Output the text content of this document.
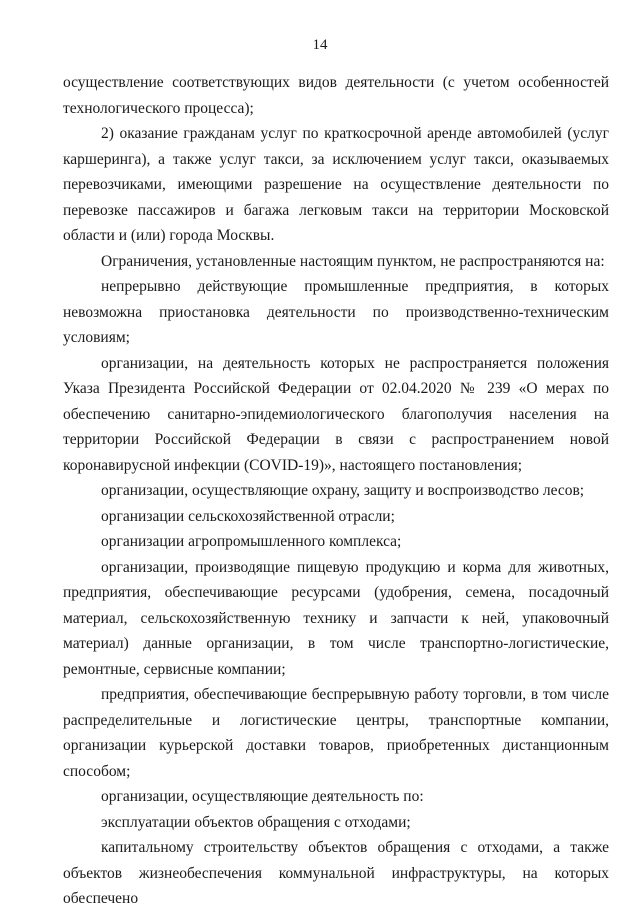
14

осуществление соответствующих видов деятельности (с учетом особенностей технологического процесса);

2) оказание гражданам услуг по краткосрочной аренде автомобилей (услуг каршеринга), а также услуг такси, за исключением услуг такси, оказываемых перевозчиками, имеющими разрешение на осуществление деятельности по перевозке пассажиров и багажа легковым такси на территории Московской области и (или) города Москвы.

Ограничения, установленные настоящим пунктом, не распространяются на:

непрерывно действующие промышленные предприятия, в которых невозможна приостановка деятельности по производственно-техническим условиям;

организации, на деятельность которых не распространяется положения Указа Президента Российской Федерации от 02.04.2020 № 239 «О мерах по обеспечению санитарно-эпидемиологического благополучия населения на территории Российской Федерации в связи с распространением новой коронавирусной инфекции (COVID-19)», настоящего постановления;

организации, осуществляющие охрану, защиту и воспроизводство лесов;

организации сельскохозяйственной отрасли;

организации агропромышленного комплекса;

организации, производящие пищевую продукцию и корма для животных, предприятия, обеспечивающие ресурсами (удобрения, семена, посадочный материал, сельскохозяйственную технику и запчасти к ней, упаковочный материал) данные организации, в том числе транспортно-логистические, ремонтные, сервисные компании;

предприятия, обеспечивающие беспрерывную работу торговли, в том числе распределительные и логистические центры, транспортные компании, организации курьерской доставки товаров, приобретенных дистанционным способом;

организации, осуществляющие деятельность по:

эксплуатации объектов обращения с отходами;

капитальному строительству объектов обращения с отходами, а также объектов жизнеобеспечения коммунальной инфраструктуры, на которых обеспечено
